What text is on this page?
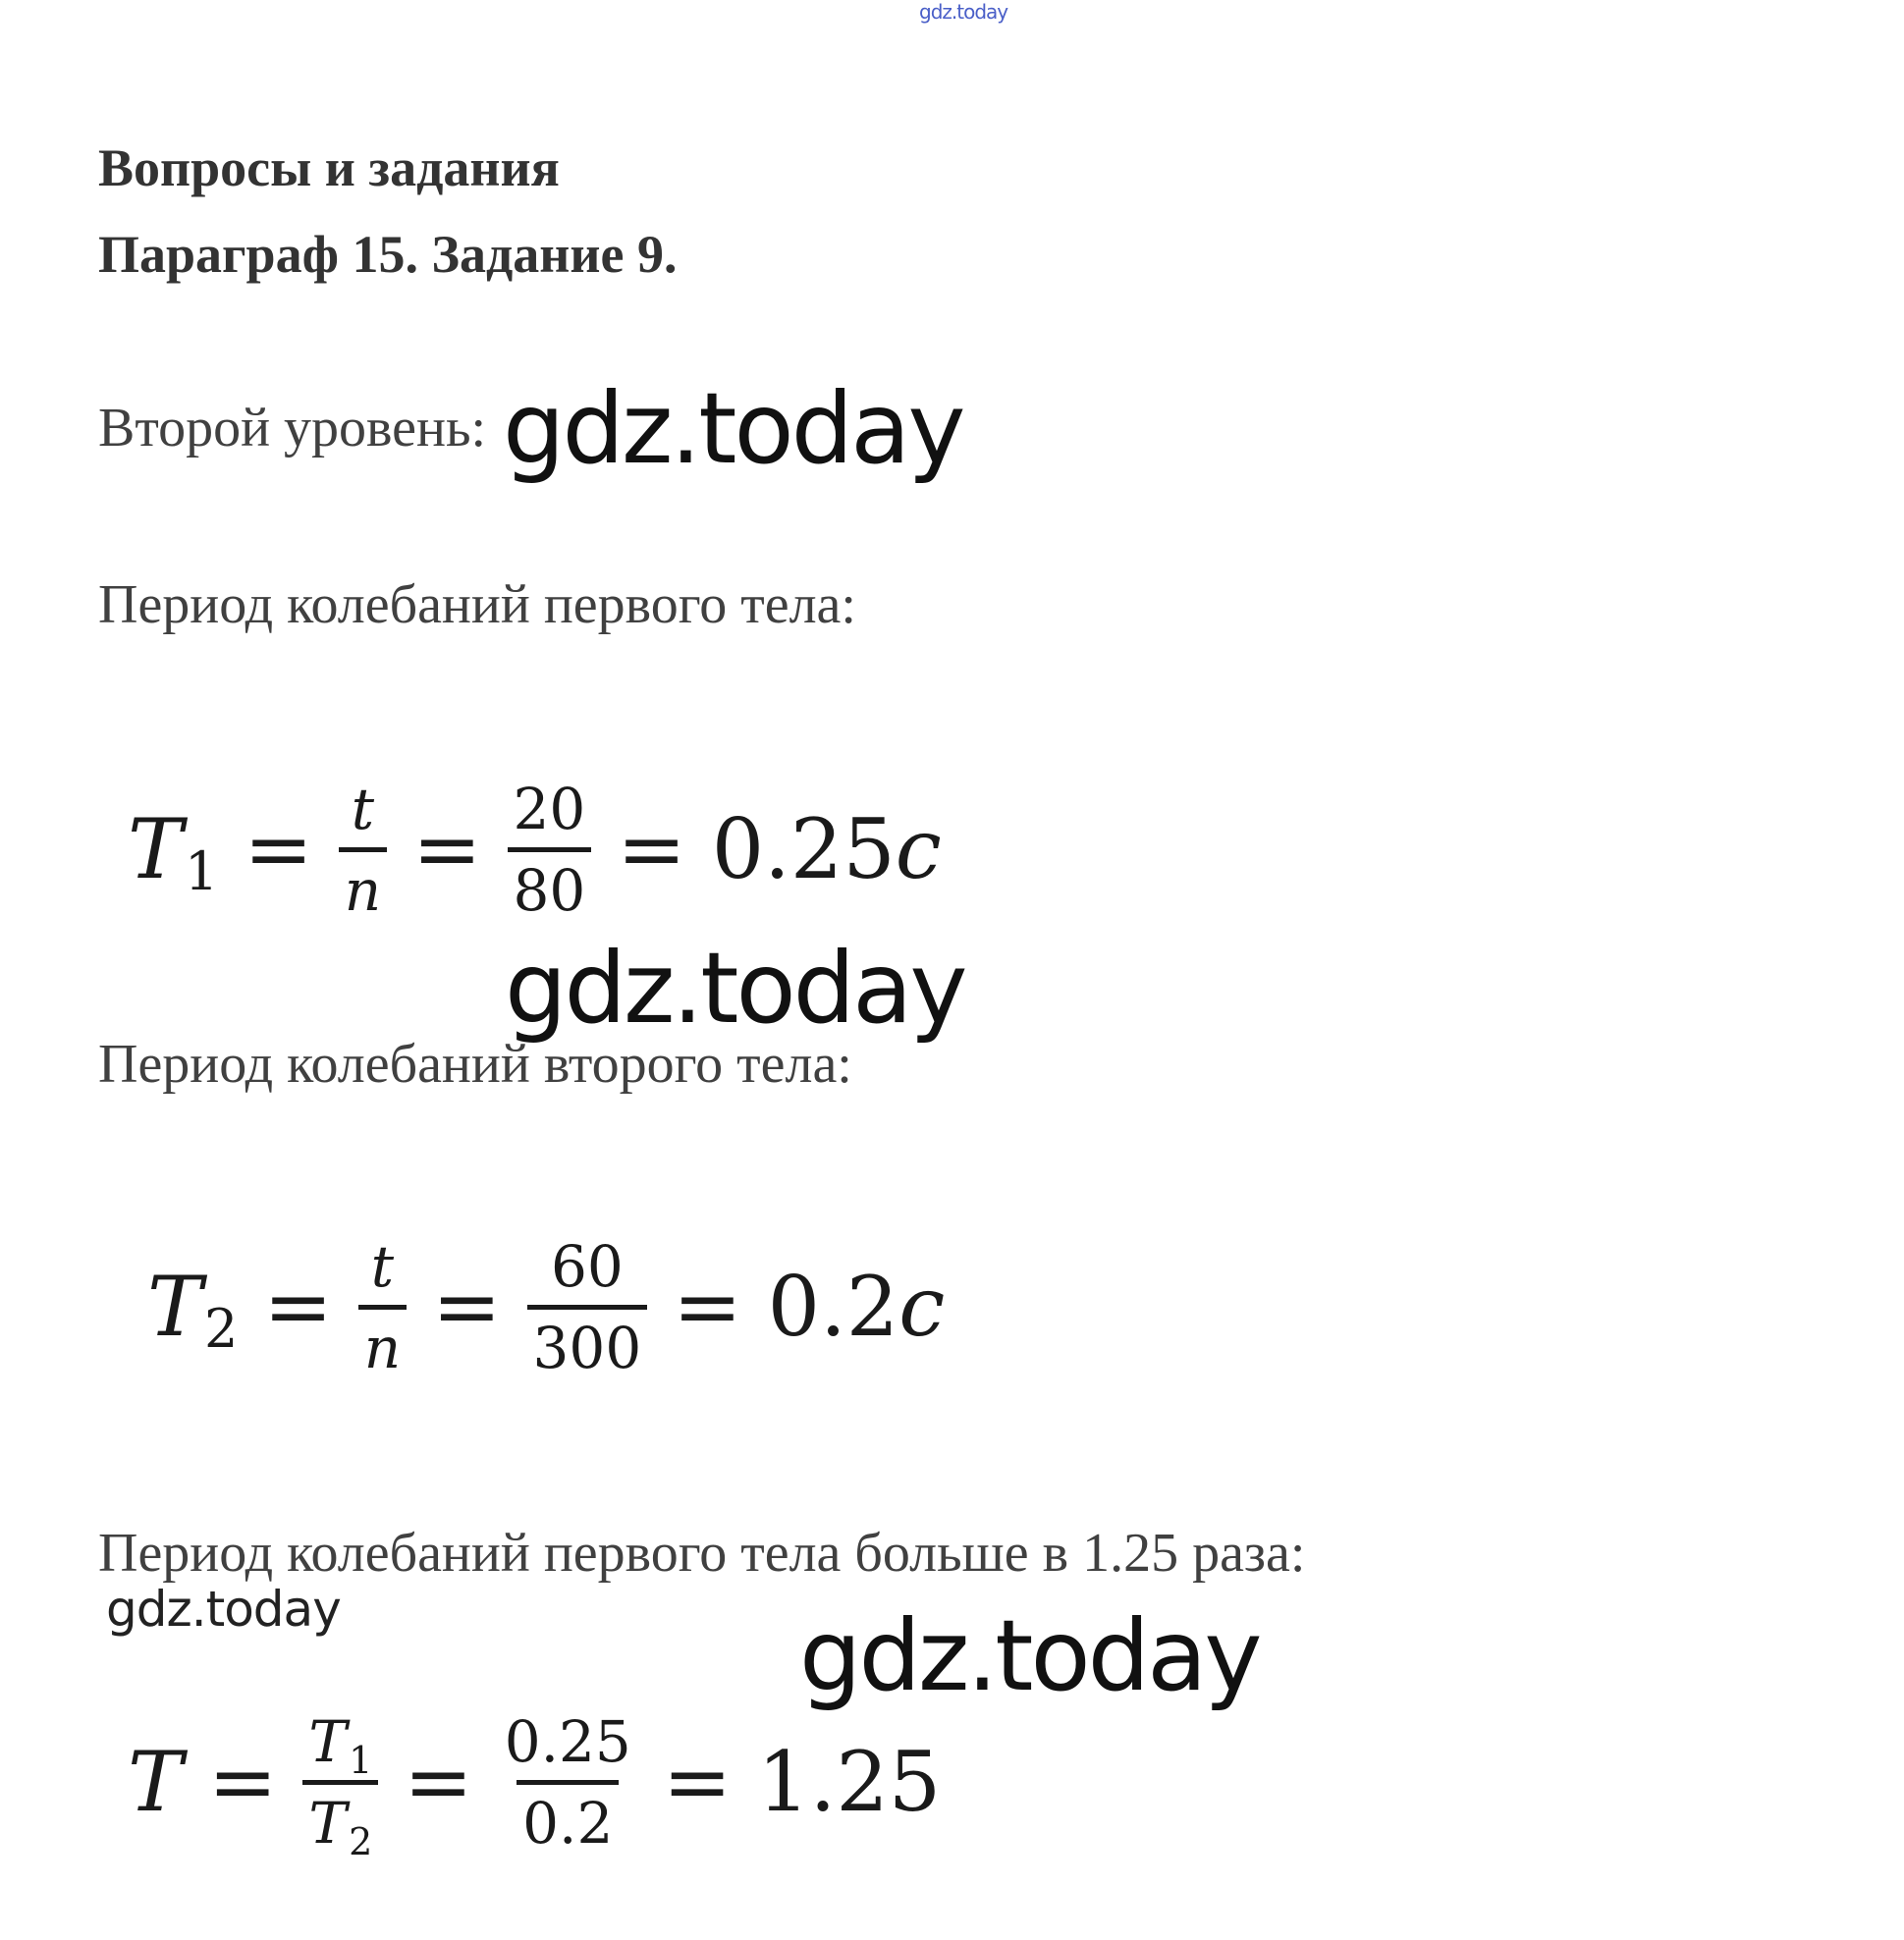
gdz.today
Вопросы и задания
Параграф 15. Задание 9.
Второй уровень: gdz.today
Период колебаний первого тела:
T $1 = \frac{t}{n} = \frac{20}{80} = 0.25$ c
gdz.today
Период колебаний второго тела:
T $2 = \frac{t}{n} = \frac{60}{300} = 0.2$ c
Период колебаний первого тела больше в 1.25 раза:
gdz.today	gdz.today
$T = \frac{T_1}{T_2} = \frac{0.25}{0.2} = 1.25$
